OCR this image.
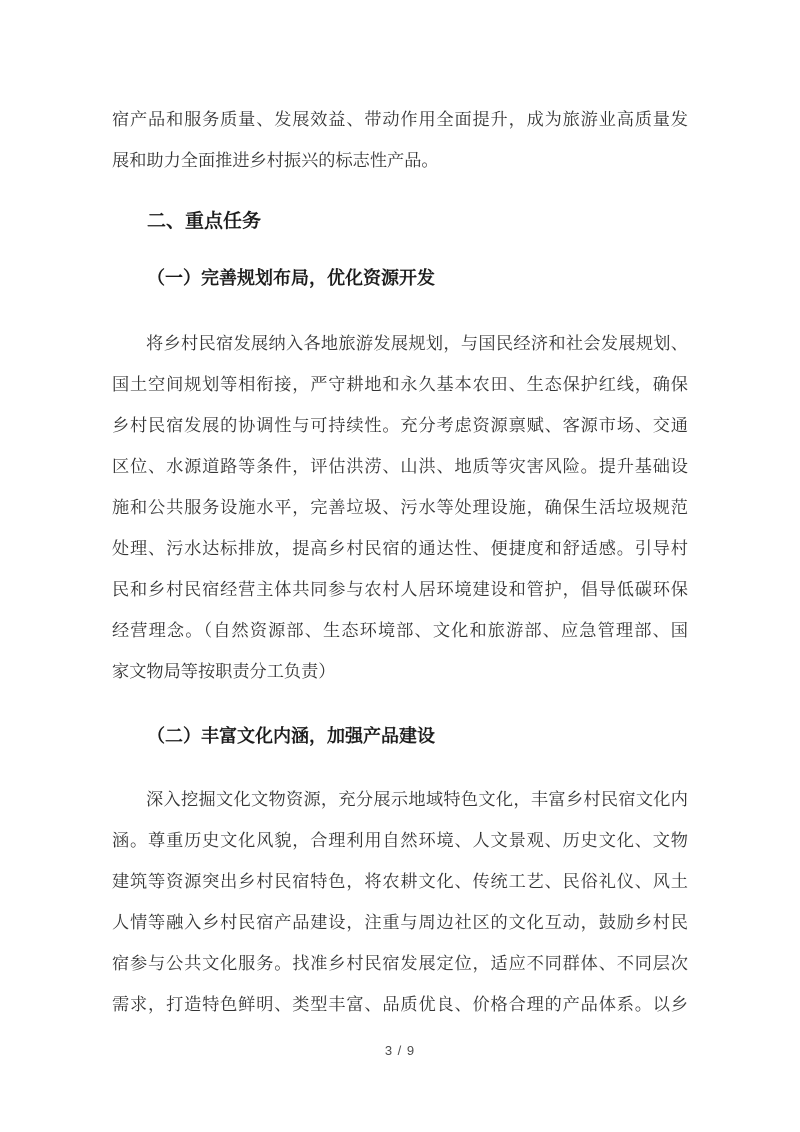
宿产品和服务质量、发展效益、带动作用全面提升，成为旅游业高质量发
展和助力全面推进乡村振兴的标志性产品。
二、重点任务
（一）完善规划布局，优化资源开发
将乡村民宿发展纳入各地旅游发展规划，与国民经济和社会发展规划、
国土空间规划等相衔接，严守耕地和永久基本农田、生态保护红线，确保
乡村民宿发展的协调性与可持续性。充分考虑资源禀赋、客源市场、交通
区位、水源道路等条件，评估洪涝、山洪、地质等灾害风险。提升基础设
施和公共服务设施水平，完善垃圾、污水等处理设施，确保生活垃圾规范
处理、污水达标排放，提高乡村民宿的通达性、便捷度和舒适感。引导村
民和乡村民宿经营主体共同参与农村人居环境建设和管护，倡导低碳环保
经营理念。（自然资源部、生态环境部、文化和旅游部、应急管理部、国
家文物局等按职责分工负责）
（二）丰富文化内涵，加强产品建设
深入挖掘文化文物资源，充分展示地域特色文化，丰富乡村民宿文化内
涵。尊重历史文化风貌，合理利用自然环境、人文景观、历史文化、文物
建筑等资源突出乡村民宿特色，将农耕文化、传统工艺、民俗礼仪、风土
人情等融入乡村民宿产品建设，注重与周边社区的文化互动，鼓励乡村民
宿参与公共文化服务。找准乡村民宿发展定位，适应不同群体、不同层次
需求，打造特色鲜明、类型丰富、品质优良、价格合理的产品体系。以乡
3 / 9
